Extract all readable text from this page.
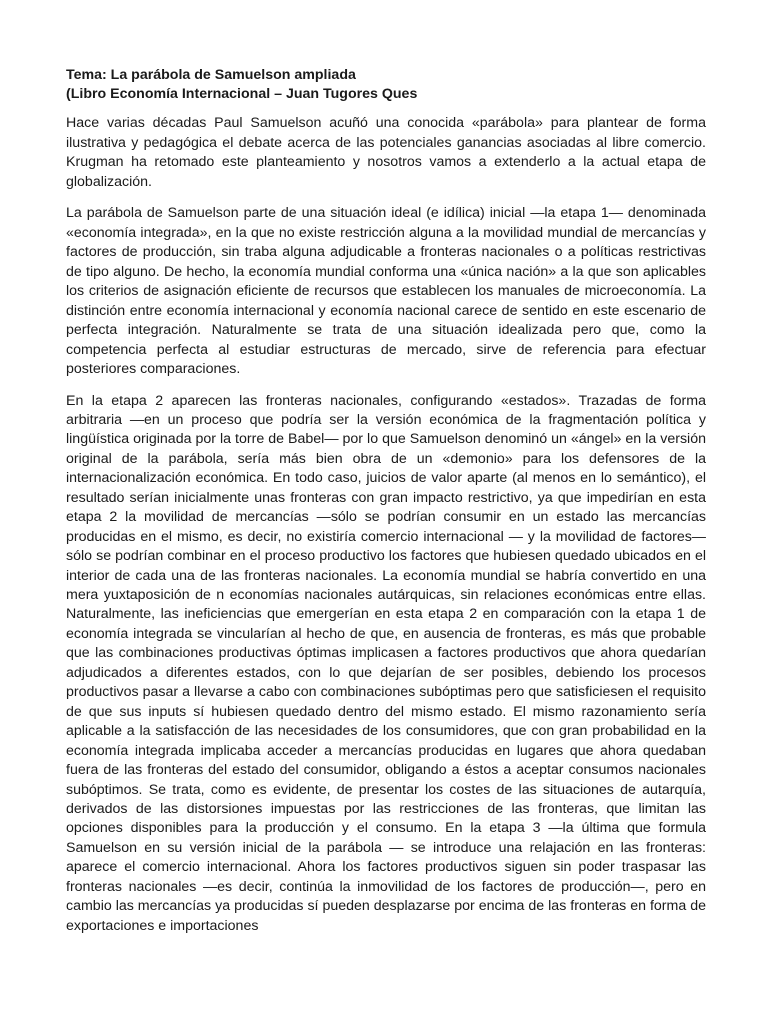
Tema: La parábola de Samuelson ampliada

(Libro Economía Internacional – Juan Tugores Ques

Hace varias décadas Paul Samuelson acuñó una conocida «parábola» para plantear de forma ilustrativa y pedagógica el debate acerca de las potenciales ganancias asociadas al libre comercio. Krugman ha retomado este planteamiento y nosotros vamos a extenderlo a la actual etapa de globalización.

La parábola de Samuelson parte de una situación ideal (e idílica) inicial —la etapa 1— denominada «economía integrada», en la que no existe restricción alguna a la movilidad mundial de mercancías y factores de producción, sin traba alguna adjudicable a fronteras nacionales o a políticas restrictivas de tipo alguno. De hecho, la economía mundial conforma una «única nación» a la que son aplicables los criterios de asignación eficiente de recursos que establecen los manuales de microeconomía. La distinción entre economía internacional y economía nacional carece de sentido en este escenario de perfecta integración. Naturalmente se trata de una situación idealizada pero que, como la competencia perfecta al estudiar estructuras de mercado, sirve de referencia para efectuar posteriores comparaciones.

En la etapa 2 aparecen las fronteras nacionales, configurando «estados». Trazadas de forma arbitraria —en un proceso que podría ser la versión económica de la fragmentación política y lingüística originada por la torre de Babel— por lo que Samuelson denominó un «ángel» en la versión original de la parábola, sería más bien obra de un «demonio» para los defensores de la internacionalización económica. En todo caso, juicios de valor aparte (al menos en lo semántico), el resultado serían inicialmente unas fronteras con gran impacto restrictivo, ya que impedirían en esta etapa 2 la movilidad de mercancías —sólo se podrían consumir en un estado las mercancías producidas en el mismo, es decir, no existiría comercio internacional — y la movilidad de factores— sólo se podrían combinar en el proceso productivo los factores que hubiesen quedado ubicados en el interior de cada una de las fronteras nacionales. La economía mundial se habría convertido en una mera yuxtaposición de n economías nacionales autárquicas, sin relaciones económicas entre ellas. Naturalmente, las ineficiencias que emergerían en esta etapa 2 en comparación con la etapa 1 de economía integrada se vincularían al hecho de que, en ausencia de fronteras, es más que probable que las combinaciones productivas óptimas implicasen a factores productivos que ahora quedarían adjudicados a diferentes estados, con lo que dejarían de ser posibles, debiendo los procesos productivos pasar a llevarse a cabo con combinaciones subóptimas pero que satisficiesen el requisito de que sus inputs sí hubiesen quedado dentro del mismo estado. El mismo razonamiento sería aplicable a la satisfacción de las necesidades de los consumidores, que con gran probabilidad en la economía integrada implicaba acceder a mercancías producidas en lugares que ahora quedaban fuera de las fronteras del estado del consumidor, obligando a éstos a aceptar consumos nacionales subóptimos. Se trata, como es evidente, de presentar los costes de las situaciones de autarquía, derivados de las distorsiones impuestas por las restricciones de las fronteras, que limitan las opciones disponibles para la producción y el consumo. En la etapa 3 —la última que formula Samuelson en su versión inicial de la parábola — se introduce una relajación en las fronteras: aparece el comercio internacional. Ahora los factores productivos siguen sin poder traspasar las fronteras nacionales —es decir, continúa la inmovilidad de los factores de producción—, pero en cambio las mercancías ya producidas sí pueden desplazarse por encima de las fronteras en forma de exportaciones e importaciones
